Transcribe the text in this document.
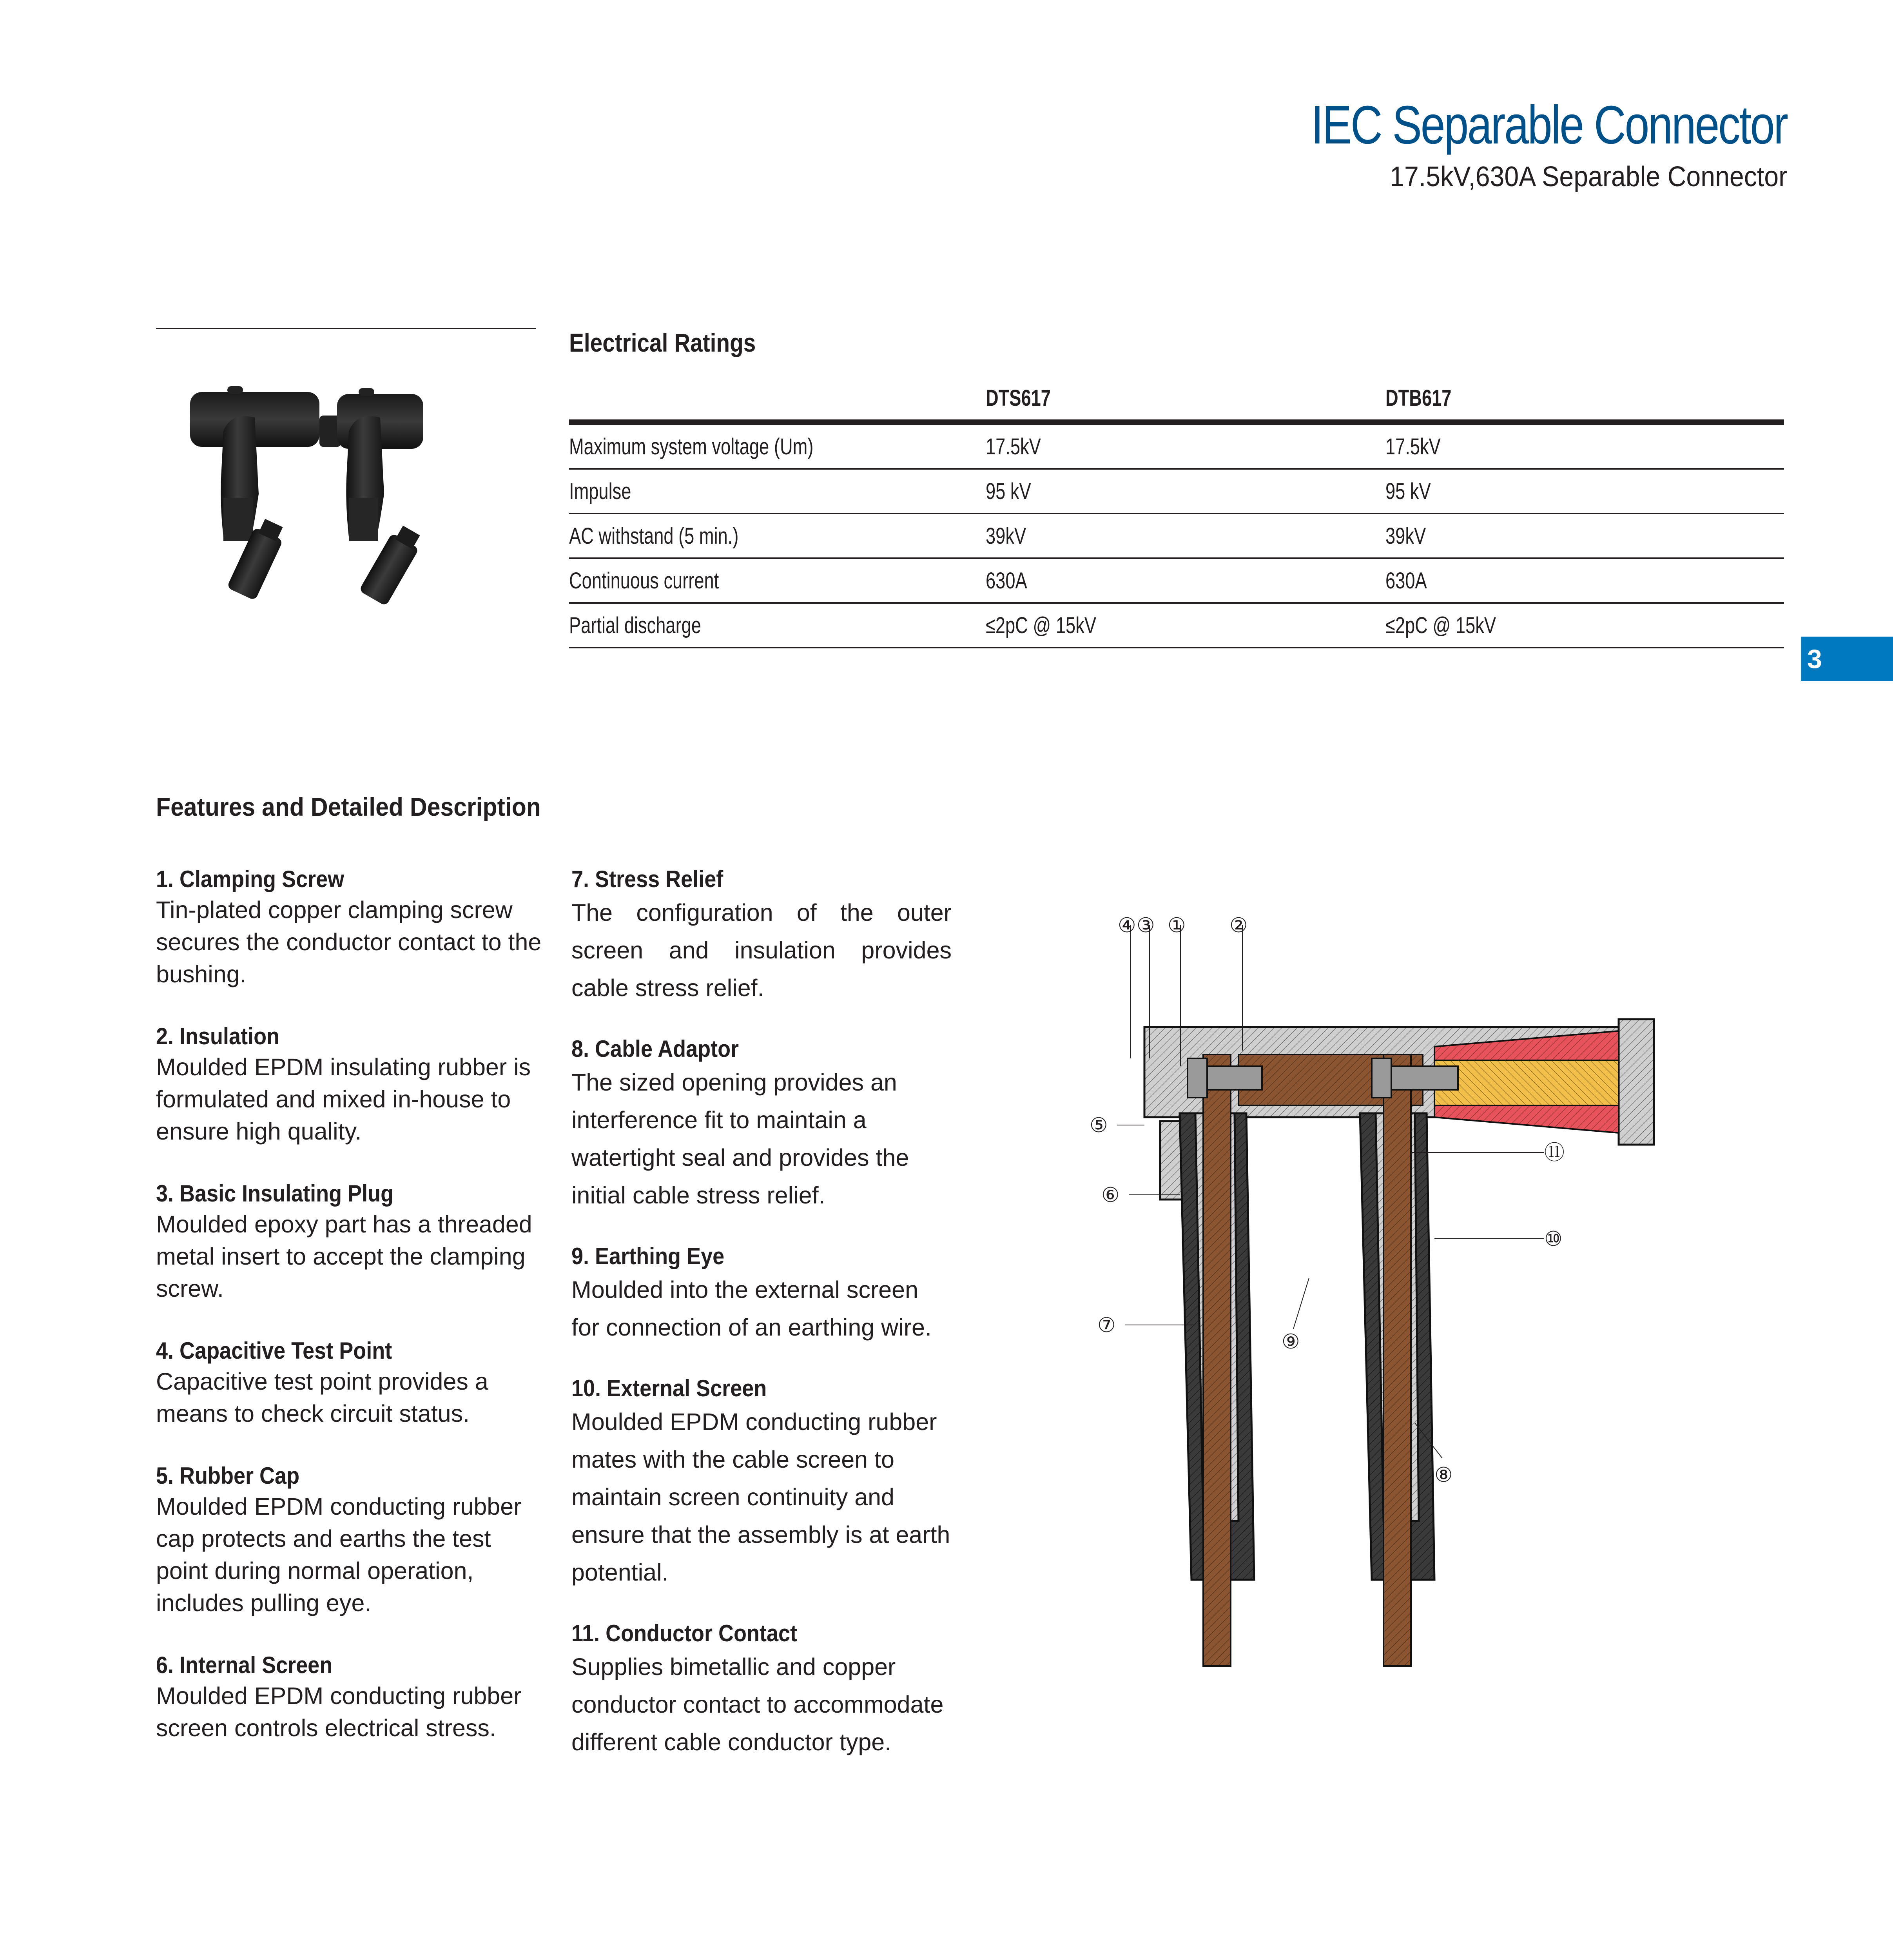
IEC Separable Connector
17.5kV,630A Separable Connector
Electrical Ratings
	DTS617	DTB617
Maximum system voltage (Um)	17.5kV	17.5kV
Impulse	95 kV	95 kV
AC withstand (5 min.)	39kV	39kV
Continuous current	630A	630A
Partial discharge	≤2pC @ 15kV	≤2pC @ 15kV
3
Features and Detailed Description
1. Clamping Screw
Tin-plated copper clamping screw secures the conductor contact to the bushing.
2. Insulation
Moulded EPDM insulating rubber is formulated and mixed in-house to ensure high quality.
3. Basic Insulating Plug
Moulded epoxy part has a threaded metal insert to accept the clamping screw.
4. Capacitive Test Point
Capacitive test point provides a means to check circuit status.
5. Rubber Cap
Moulded EPDM conducting rubber cap protects and earths the test point during normal operation, includes pulling eye.
6. Internal Screen
Moulded EPDM conducting rubber screen controls electrical stress.
7. Stress Relief
The configuration of the outer screen and insulation provides cable stress relief.
8. Cable Adaptor
The sized opening provides an interference fit to maintain a watertight seal and provides the initial cable stress relief.
9. Earthing Eye
Moulded into the external screen for connection of an earthing wire.
10. External Screen
Moulded EPDM conducting rubber mates with the cable screen to maintain screen continuity and ensure that the assembly is at earth potential.
11. Conductor Contact
Supplies bimetallic and copper conductor contact to accommodate different cable conductor type.
④ ③ ① ②
⑤
⑪
⑥
⑩
⑦
⑨
⑧
